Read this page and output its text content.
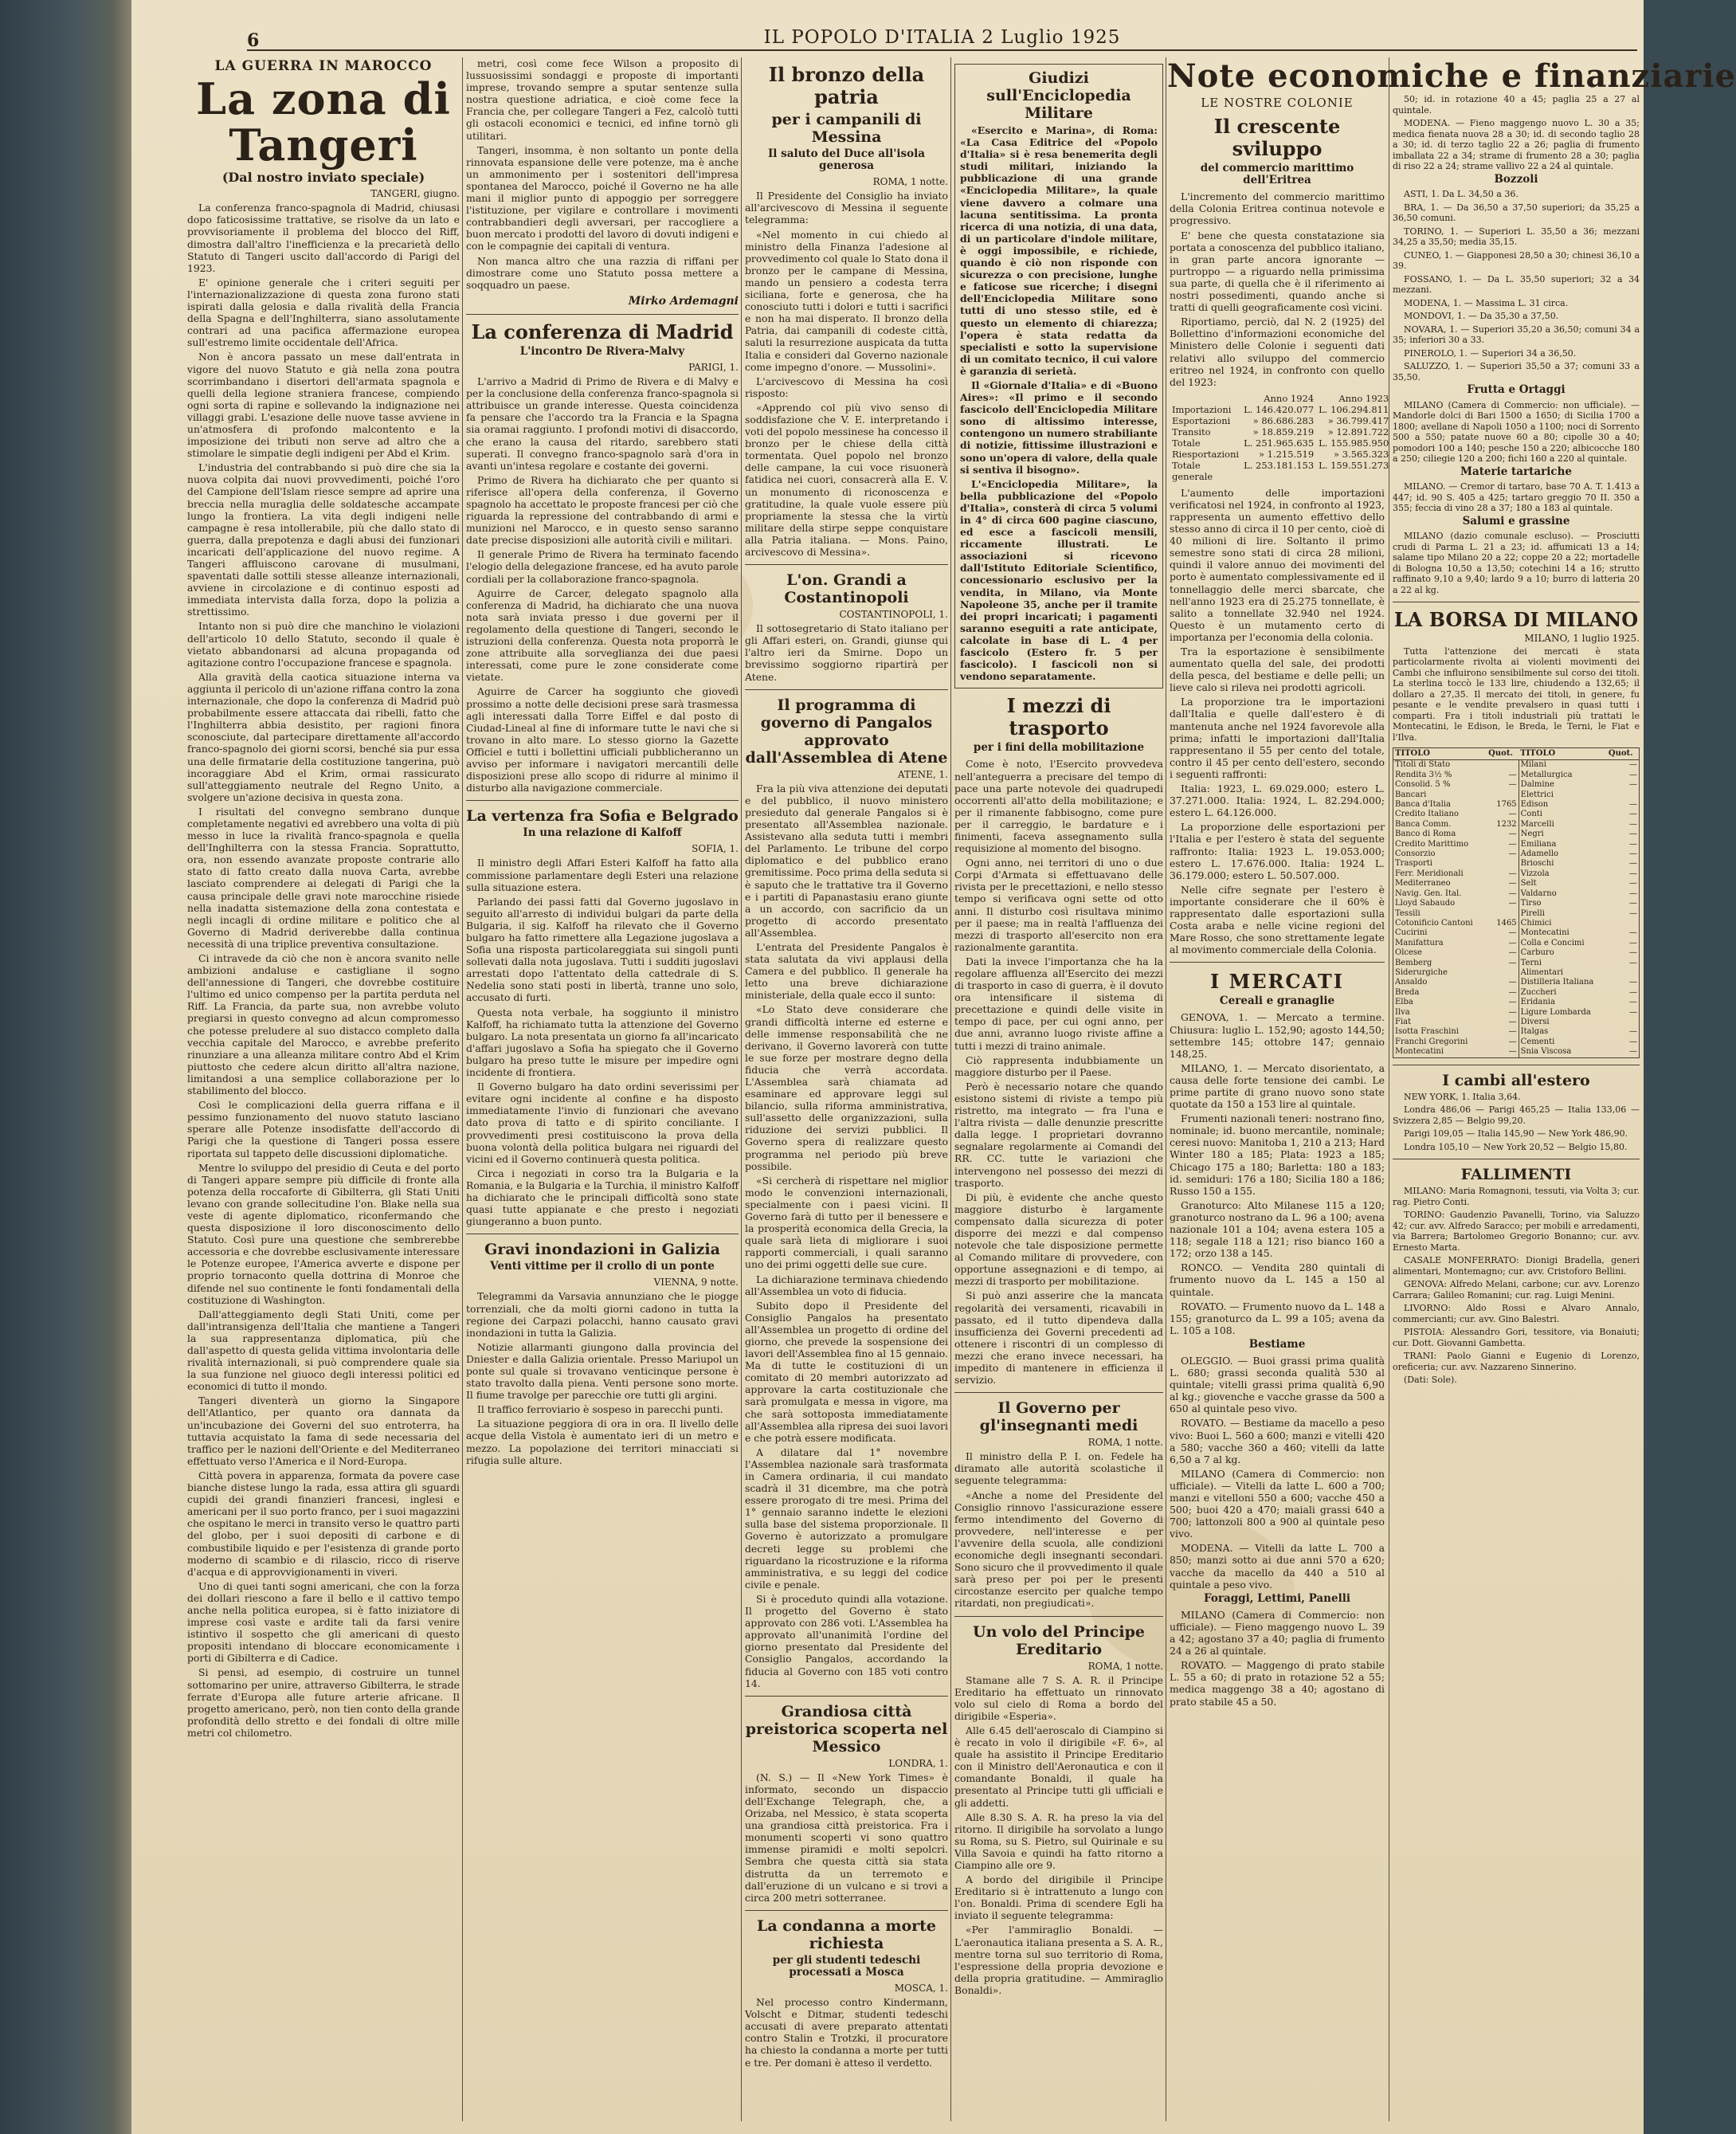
6	IL POPOLO D'ITALIA 2 Luglio 1925
LA GUERRA IN MAROCCO
La zona di Tangeri
(Dal nostro inviato speciale)
TANGERI, giugno.

La conferenza franco-spagnola di Madrid, chiusasi dopo faticosissime trattative, se risolve da un lato e provvisoriamente il problema del blocco del Riff, dimostra dall'altro l'inefficienza e la precarietà dello Statuto di Tangeri uscito dall'accordo di Parigi del 1923.

E' opinione generale che i criteri seguiti per l'internazionalizzazione di questa zona furono stati ispirati dalla gelosia e dalla rivalità della Francia della Spagna e dell'Inghilterra, siano assolutamente contrari ad una pacifica affermazione europea sull'estremo limite occidentale dell'Africa.

Non è ancora passato un mese dall'entrata in vigore del nuovo Statuto e già nella zona poutra scorrimbandano i disertori dell'armata spagnola e quelli della legione straniera francese, compiendo ogni sorta di rapine e sollevando la indignazione nei villaggi grabi. L'esazione delle nuove tasse avviene in un'atmosfera di profondo malcontento e la imposizione dei tributi non serve ad altro che a stimolare le simpatie degli indigeni per Abd el Krim.

L'industria del contrabbando si può dire che sia la nuova colpita dai nuovi provvedimenti, poiché l'oro del Campione dell'Islam riesce sempre ad aprire una breccia nella muraglia delle soldatesche accampate lungo la frontiera. La vita degli indigeni nelle campagne è resa intollerabile, più che dallo stato di guerra, dalla prepotenza e dagli abusi dei funzionari incaricati dell'applicazione del nuovo regime. A Tangeri affluiscono carovane di musulmani, spaventati dalle sottili stesse alleanze internazionali, avviene in circolazione e di continuo esposti ad immediata intervista dalla forza, dopo la polizia a strettissimo.

Intanto non si può dire che manchino le violazioni dell'articolo 10 dello Statuto, secondo il quale è vietato abbandonarsi ad alcuna propaganda od agitazione contro l'occupazione francese e spagnola.

Alla gravità della caotica situazione interna va aggiunta il pericolo di un'azione riffana contro la zona internazionale, che dopo la conferenza di Madrid può probabilmente essere attaccata dai ribelli, fatto che l'Inghilterra abbia desistito, per ragioni finora sconosciute, dal partecipare direttamente all'accordo franco-spagnolo dei giorni scorsi, benché sia pur essa una delle firmatarie della costituzione tangerina, può incoraggiare Abd el Krim, ormai rassicurato sull'atteggiamento neutrale del Regno Unito, a svolgere un'azione decisiva in questa zona.

I risultati del convegno sembrano dunque completamente negativi ed avrebbero una volta di più messo in luce la rivalità franco-spagnola e quella dell'Inghilterra con la stessa Francia. Soprattutto, ora, non essendo avanzate proposte contrarie allo stato di fatto creato dalla nuova Carta, avrebbe lasciato comprendere ai delegati di Parigi che la causa principale delle gravi note marocchine risiede nella inadatta sistemazione della zona contestata e negli incagli di ordine militare e politico che al Governo di Madrid deriverebbe dalla continua necessità di una triplice preventiva consultazione.

Ci intravede da ciò che non è ancora svanito nelle ambizioni andaluse e castigliane il sogno dell'annessione di Tangeri, che dovrebbe costituire l'ultimo ed unico compenso per la partita perduta nel Riff. La Francia, da parte sua, non avrebbe voluto pregiarsi in questo convegno ad alcun compromesso che potesse preludere al suo distacco completo dalla vecchia capitale del Marocco, e avrebbe preferito rinunziare a una alleanza militare contro Abd el Krim piuttosto che cedere alcun diritto all'altra nazione, limitandosi a una semplice collaborazione per lo stabilimento del blocco.

Così le complicazioni della guerra riffana e il pessimo funzionamento del nuovo statuto lasciano sperare alle Potenze insodisfatte dell'accordo di Parigi che la questione di Tangeri possa essere riportata sul tappeto delle discussioni diplomatiche.

Mentre lo sviluppo del presidio di Ceuta e del porto di Tangeri appare sempre più difficile di fronte alla potenza della roccaforte di Gibilterra, gli Stati Uniti levano con grande sollecitudine l'on. Blake nella sua veste di agente diplomatico, riconfermando che questa disposizione il loro disconoscimento dello Statuto. Così pure una questione che sembrerebbe accessoria e che dovrebbe esclusivamente interessare le Potenze europee, l'America avverte e dispone per proprio tornaconto quella dottrina di Monroe che difende nel suo continente le fonti fondamentali della costituzione di Washington.

Dall'atteggiamento degli Stati Uniti, come per dall'intransigenza dell'Italia che mantiene a Tangeri la sua rappresentanza diplomatica, più che dall'aspetto di questa gelida vittima involontaria delle rivalità internazionali, si può comprendere quale sia la sua funzione nel giuoco degli interessi politici ed economici di tutto il mondo.

Tangeri diventerà un giorno la Singapore dell'Atlantico, per quanto ora dannata da un'incubazione dei Governi del suo entroterra, ha tuttavia acquistato la fama di sede necessaria del traffico per le nazioni dell'Oriente e del Mediterraneo effettuato verso l'America e il Nord-Europa.

Città povera in apparenza, formata da povere case bianche distese lungo la rada, essa attira gli sguardi cupidi dei grandi finanzieri francesi, inglesi e americani per il suo porto franco, per i suoi magazzini che ospitano le merci in transito verso le quattro parti del globo, per i suoi depositi di carbone e di combustibile liquido e per l'esistenza di grande porto moderno di scambio e di rilascio, ricco di riserve d'acqua e di approvvigionamenti in viveri.

Uno di quei tanti sogni americani, che con la forza dei dollari riescono a fare il bello e il cattivo tempo anche nella politica europea, si è fatto iniziatore di imprese così vaste e ardite tali da farsi venire istintivo il sospetto che gli americani di questo propositi intendano di bloccare economicamente i porti di Gibilterra e di Cadice.

Si pensi, ad esempio, di costruire un tunnel sottomarino per unire, attraverso Gibilterra, le strade ferrate d'Europa alle future arterie africane. Il progetto americano, però, non tien conto della grande profondità dello stretto e dei fondali di oltre mille metri col chilometro.

metri, così come fece Wilson a proposito di lussuosissimi sondaggi e proposte di importanti imprese, trovando sempre a sputar sentenze sulla nostra questione adriatica, e cioè come fece la Francia che, per collegare Tangeri a Fez, calcolò tutti gli ostacoli economici e tecnici, ed infine tornò gli utilitari.

Tangeri, insomma, è non soltanto un ponte della rinnovata espansione delle vere potenze, ma è anche un ammonimento per i sostenitori dell'impresa spontanea del Marocco, poiché il Governo ne ha alle mani il miglior punto di appoggio per sorreggere l'istituzione, per vigilare e controllare i movimenti contrabbandieri degli avversari, per raccogliere a buon mercato i prodotti del lavoro di dovuti indigeni e con le compagnie dei capitali di ventura.

Non manca altro che una razzia di riffani per dimostrare come uno Statuto possa mettere a soqquadro un paese.

Mirko Ardemagni
La conferenza di Madrid
L'incontro De Rivera-Malvy
PARIGI, 1.

L'arrivo a Madrid di Primo de Rivera e di Malvy e per la conclusione della conferenza franco-spagnola si attribuisce un grande interesse. Questa coincidenza fa pensare che l'accordo tra la Francia e la Spagna sia oramai raggiunto. I profondi motivi di disaccordo, che erano la causa del ritardo, sarebbero stati superati. Il convegno franco-spagnolo sarà d'ora in avanti un'intesa regolare e costante dei governi.

Primo de Rivera ha dichiarato che per quanto si riferisce all'opera della conferenza, il Governo spagnolo ha accettato le proposte francesi per ciò che riguarda la repressione del contrabbando di armi e munizioni nel Marocco, e in questo senso saranno date precise disposizioni alle autorità civili e militari.

Il generale Primo de Rivera ha terminato facendo l'elogio della delegazione francese, ed ha avuto parole cordiali per la collaborazione franco-spagnola.

Aguirre de Carcer, delegato spagnolo alla conferenza di Madrid, ha dichiarato che una nuova nota sarà inviata presso i due governi per il regolamento della questione di Tangeri, secondo le istruzioni della conferenza. Questa nota proporrà le zone attribuite alla sorveglianza dei due paesi interessati, come pure le zone considerate come vietate.

Aguirre de Carcer ha soggiunto che giovedì prossimo a notte delle decisioni prese sarà trasmessa agli interessati dalla Torre Eiffel e dal posto di Ciudad-Lineal al fine di informare tutte le navi che si trovano in alto mare. Lo stesso giorno la Gazette Officiel e tutti i bollettini ufficiali pubblicheranno un avviso per informare i navigatori mercantili delle disposizioni prese allo scopo di ridurre al minimo il disturbo alla navigazione commerciale.

La vertenza fra Sofia e Belgrado
In una relazione di Kalfoff
SOFIA, 1.

Il ministro degli Affari Esteri Kalfoff ha fatto alla commissione parlamentare degli Esteri una relazione sulla situazione estera.

Parlando dei passi fatti dal Governo jugoslavo in seguito all'arresto di individui bulgari da parte della Bulgaria, il sig. Kalfoff ha rilevato che il Governo bulgaro ha fatto rimettere alla Legazione jugoslava a Sofia una risposta particolareggiata sui singoli punti sollevati dalla nota jugoslava. Tutti i sudditi jugoslavi arrestati dopo l'attentato della cattedrale di S. Nedelia sono stati posti in libertà, tranne uno solo, accusato di furti.

Questa nota verbale, ha soggiunto il ministro Kalfoff, ha richiamato tutta la attenzione del Governo bulgaro. La nota presentata un giorno fa all'incaricato d'affari jugoslavo a Sofia ha spiegato che il Governo bulgaro ha preso tutte le misure per impedire ogni incidente di frontiera.

Il Governo bulgaro ha dato ordini severissimi per evitare ogni incidente al confine e ha disposto immediatamente l'invio di funzionari che avevano dato prova di tatto e di spirito conciliante. I provvedimenti presi costituiscono la prova della buona volontà della politica bulgara nei riguardi del vicini ed il Governo continuerà questa politica.

Circa i negoziati in corso tra la Bulgaria e la Romania, e la Bulgaria e la Turchia, il ministro Kalfoff ha dichiarato che le principali difficoltà sono state quasi tutte appianate e che presto i negoziati giungeranno a buon punto.

Gravi inondazioni in Galizia
Venti vittime per il crollo di un ponte
VIENNA, 9 notte.

Telegrammi da Varsavia annunziano che le piogge torrenziali, che da molti giorni cadono in tutta la regione dei Carpazi polacchi, hanno causato gravi inondazioni in tutta la Galizia.

Notizie allarmanti giungono dalla provincia del Dniester e dalla Galizia orientale. Presso Mariupol un ponte sul quale si trovavano venticinque persone è stato travolto dalla piena. Venti persone sono morte. Il fiume travolge per parecchie ore tutti gli argini.

Il traffico ferroviario è sospeso in parecchi punti.

La situazione peggiora di ora in ora. Il livello delle acque della Vistola è aumentato ieri di un metro e mezzo. La popolazione dei territori minacciati si rifugia sulle alture.

Il bronzo della patria
per i campanili di Messina
Il saluto del Duce all'isola generosa
ROMA, 1 notte.

Il Presidente del Consiglio ha inviato all'arcivescovo di Messina il seguente telegramma:

«Nel momento in cui chiedo al ministro della Finanza l'adesione al provvedimento col quale lo Stato dona il bronzo per le campane di Messina, mando un pensiero a codesta terra siciliana, forte e generosa, che ha conosciuto tutti i dolori e tutti i sacrifici e non ha mai disperato. Il bronzo della Patria, dai campanili di codeste città, saluti la resurrezione auspicata da tutta Italia e consideri dal Governo nazionale come impegno d'onore. — Mussolini».

L'arcivescovo di Messina ha così risposto:

«Apprendo col più vivo senso di soddisfazione che V. E. interpretando i voti del popolo messinese ha concesso il bronzo per le chiese della città tormentata. Quel popolo nel bronzo delle campane, la cui voce risuonerà fatidica nei cuori, consacrerà alla E. V. un monumento di riconoscenza e gratitudine, la quale vuole essere più propriamente la stessa che la virtù militare della stirpe seppe conquistare alla Patria italiana. — Mons. Paino, arcivescovo di Messina».

L'on. Grandi a Costantinopoli
COSTANTINOPOLI, 1.

Il sottosegretario di Stato italiano per gli Affari esteri, on. Grandi, giunse qui l'altro ieri da Smirne. Dopo un brevissimo soggiorno ripartirà per Atene.

Il programma di governo di Pangalos approvato dall'Assemblea di Atene
ATENE, 1.

Fra la più viva attenzione dei deputati e del pubblico, il nuovo ministero presieduto dal generale Pangalos si è presentato all'Assemblea nazionale. Assistevano alla seduta tutti i membri del Parlamento. Le tribune del corpo diplomatico e del pubblico erano gremitissime. Poco prima della seduta si è saputo che le trattative tra il Governo e i partiti di Papanastasiu erano giunte a un accordo, con sacrificio da un progetto di accordo presentato all'Assemblea.

L'entrata del Presidente Pangalos è stata salutata da vivi applausi della Camera e del pubblico. Il generale ha letto una breve dichiarazione ministeriale, della quale ecco il sunto:

«Lo Stato deve considerare che grandi difficoltà interne ed esterne e delle immense responsabilità che ne derivano, il Governo lavorerà con tutte le sue forze per mostrare degno della fiducia che verrà accordata. L'Assemblea sarà chiamata ad esaminare ed approvare leggi sul bilancio, sulla riforma amministrativa, sull'assetto delle organizzazioni, sulla riduzione dei servizi pubblici. Il Governo spera di realizzare questo programma nel periodo più breve possibile.

«Si cercherà di rispettare nel miglior modo le convenzioni internazionali, specialmente con i paesi vicini. Il Governo farà di tutto per il benessere e la prosperità economica della Grecia, la quale sarà lieta di migliorare i suoi rapporti commerciali, i quali saranno uno dei primi oggetti delle sue cure.

La dichiarazione terminava chiedendo all'Assemblea un voto di fiducia.

Subito dopo il Presidente del Consiglio Pangalos ha presentato all'Assemblea un progetto di ordine del giorno, che prevede la sospensione dei lavori dell'Assemblea fino al 15 gennaio. Ma di tutte le costituzioni di un comitato di 20 membri autorizzato ad approvare la carta costituzionale che sarà promulgata e messa in vigore, ma che sarà sottoposta immediatamente all'Assemblea alla ripresa dei suoi lavori e che potrà essere modificata.

A dilatare dal 1° novembre l'Assemblea nazionale sarà trasformata in Camera ordinaria, il cui mandato scadrà il 31 dicembre, ma che potrà essere prorogato di tre mesi. Prima del 1° gennaio saranno indette le elezioni sulla base del sistema proporzionale. Il Governo è autorizzato a promulgare decreti legge su problemi che riguardano la ricostruzione e la riforma amministrativa, e su leggi del codice civile e penale.

Si è proceduto quindi alla votazione. Il progetto del Governo è stato approvato con 286 voti. L'Assemblea ha approvato all'unanimità l'ordine del giorno presentato dal Presidente del Consiglio Pangalos, accordando la fiducia al Governo con 185 voti contro 14.

Grandiosa città preistorica scoperta nel Messico
LONDRA, 1.

(N. S.) — Il «New York Times» è informato, secondo un dispaccio dell'Exchange Telegraph, che, a Orizaba, nel Messico, è stata scoperta una grandiosa città preistorica. Fra i monumenti scoperti vi sono quattro immense piramidi e molti sepolcri. Sembra che questa città sia stata distrutta da un terremoto e dall'eruzione di un vulcano e si trovi a circa 200 metri sotterranee.

La condanna a morte richiesta
per gli studenti tedeschi processati a Mosca
MOSCA, 1.

Nel processo contro Kindermann, Volscht e Ditmar, studenti tedeschi accusati di avere preparato attentati contro Stalin e Trotzki, il procuratore ha chiesto la condanna a morte per tutti e tre. Per domani è atteso il verdetto.

Giudizi sull'Enciclopedia Militare

«Esercito e Marina», di Roma: «La Casa Editrice del «Popolo d'Italia» si è resa benemerita degli studi militari, iniziando la pubblicazione di una grande «Enciclopedia Militare», la quale viene davvero a colmare una lacuna sentitissima. La pronta ricerca di una notizia, di una data, di un particolare d'indole militare, è oggi impossibile, e richiede, quando è ciò non risponde con sicurezza o con precisione, lunghe e faticose sue ricerche; i disegni dell'Enciclopedia Militare sono tutti di uno stesso stile, ed è questo un elemento di chiarezza; l'opera è stata redatta da specialisti e sotto la supervisione di un comitato tecnico, il cui valore è garanzia di serietà.

Il «Giornale d'Italia» e di «Buono Aires»: «Il primo e il secondo fascicolo dell'Enciclopedia Militare sono di altissimo interesse, contengono un numero strabiliante di notizie, fittissime illustrazioni e sono un'opera di valore, della quale si sentiva il bisogno».

L'«Enciclopedia Militare», la bella pubblicazione del «Popolo d'Italia», consterà di circa 5 volumi in 4° di circa 600 pagine ciascuno, ed esce a fascicoli mensili, riccamente illustrati. Le associazioni si ricevono dall'Istituto Editoriale Scientifico, concessionario esclusivo per la vendita, in Milano, via Monte Napoleone 35, anche per il tramite dei propri incaricati; i pagamenti saranno eseguiti a rate anticipate, calcolate in base di L. 4 per fascicolo (Estero fr. 5 per fascicolo). I fascicoli non si vendono separatamente.

I mezzi di trasporto
per i fini della mobilitazione

Come è noto, l'Esercito provvedeva nell'anteguerra a precisare del tempo di pace una parte notevole dei quadrupedi occorrenti all'atto della mobilitazione; e per il rimanente fabbisogno, come pure per il carreggio, le bardature e i finimenti, faceva assegnamento sulla requisizione al momento del bisogno.

Ogni anno, nei territori di uno o due Corpi d'Armata si effettuavano delle rivista per le precettazioni, e nello stesso tempo si verificava ogni sette od otto anni. Il disturbo così risultava minimo per il paese; ma in realtà l'affluenza dei mezzi di trasporto all'esercito non era razionalmente garantita.

Dati la invece l'importanza che ha la regolare affluenza all'Esercito dei mezzi di trasporto in caso di guerra, è il dovuto ora intensificare il sistema di precettazione e quindi delle visite in tempo di pace, per cui ogni anno, per due anni, avranno luogo riviste affine a tutti i mezzi di traino animale.

Ciò rappresenta indubbiamente un maggiore disturbo per il Paese.

Però è necessario notare che quando esistono sistemi di riviste a tempo più ristretto, ma integrato — fra l'una e l'altra rivista — dalle denunzie prescritte dalla legge. I proprietari dovranno segnalare regolarmente ai Comandi del RR. CC. tutte le variazioni che intervengono nel possesso dei mezzi di trasporto.

Di più, è evidente che anche questo maggiore disturbo è largamente compensato dalla sicurezza di poter disporre dei mezzi e dal compenso notevole che tale disposizione permette al Comando militare di provvedere, con opportune assegnazioni e di tempo, ai mezzi di trasporto per mobilitazione.

Si può anzi asserire che la mancata regolarità dei versamenti, ricavabili in passato, ed il tutto dipendeva dalla insufficienza dei Governi precedenti ad ottenere i riscontri di un complesso di mezzi che erano invece necessari, ha impedito di mantenere in efficienza il servizio.

Il Governo per gl'insegnanti medi
ROMA, 1 notte.

Il ministro della P. I. on. Fedele ha diramato alle autorità scolastiche il seguente telegramma:

«Anche a nome del Presidente del Consiglio rinnovo l'assicurazione essere fermo intendimento del Governo di provvedere, nell'interesse e per l'avvenire della scuola, alle condizioni economiche degli insegnanti secondari. Sono sicuro che il provvedimento il quale sarà preso per poi per le presenti circostanze esercito per qualche tempo ritardati, non pregiudicati».

Un volo del Principe Ereditario
ROMA, 1 notte.

Stamane alle 7 S. A. R. il Principe Ereditario ha effettuato un rinnovato volo sul cielo di Roma a bordo del dirigibile «Esperia».

Alle 6.45 dell'aeroscalo di Ciampino si è recato in volo il dirigibile «F. 6», al quale ha assistito il Principe Ereditario con il Ministro dell'Aeronautica e con il comandante Bonaldi, il quale ha presentato al Principe tutti gli ufficiali e gli addetti.

Alle 8.30 S. A. R. ha preso la via del ritorno. Il dirigibile ha sorvolato a lungo su Roma, su S. Pietro, sul Quirinale e su Villa Savoia e quindi ha fatto ritorno a Ciampino alle ore 9.

A bordo del dirigibile il Principe Ereditario si è intrattenuto a lungo con l'on. Bonaldi. Prima di scendere Egli ha inviato il seguente telegramma:

«Per l'ammiraglio Bonaldi. — L'aeronautica italiana presenta a S. A. R., mentre torna sul suo territorio di Roma, l'espressione della propria devozione e della propria gratitudine. — Ammiraglio Bonaldi».

Note economiche e finanziarie
LE NOSTRE COLONIE
Il crescente sviluppo
del commercio marittimo dell'Eritrea

L'incremento del commercio marittimo della Colonia Eritrea continua notevole e progressivo.

E' bene che questa constatazione sia portata a conoscenza del pubblico italiano, in gran parte ancora ignorante — purtroppo — a riguardo nella primissima sua parte, di quella che è il riferimento ai nostri possedimenti, quando anche si tratti di quelli geograficamente così vicini.

Riportiamo, perciò, dal N. 2 (1925) del Bollettino d'informazioni economiche del Ministero delle Colonie i seguenti dati relativi allo sviluppo del commercio eritreo nel 1924, in confronto con quello del 1923:

	Anno 1924	Anno 1923
Importazioni	L. 146.420.077	L. 106.294.811
Esportazioni	» 86.686.283	» 36.799.417
Transito	» 18.859.219	» 12.891.722
Totale	L. 251.965.635	L. 155.985.950
Riesportazioni	» 1.215.519	» 3.565.323
Totale generale	L. 253.181.153	L. 159.551.273

L'aumento delle importazioni verificatosi nel 1924, in confronto al 1923, rappresenta un aumento effettivo dello stesso anno di circa il 10 per cento, cioè di 40 milioni di lire. Soltanto il primo semestre sono stati di circa 28 milioni, quindi il valore annuo dei movimenti del porto è aumentato complessivamente ed il tonnellaggio delle merci sbarcate, che nell'anno 1923 era di 25.275 tonnellate, è salito a tonnellate 32.940 nel 1924. Questo è un mutamento certo di importanza per l'economia della colonia.

Tra la esportazione è sensibilmente aumentato quella del sale, dei prodotti della pesca, del bestiame e delle pelli; un lieve calo si rileva nei prodotti agricoli.

La proporzione tra le importazioni dall'Italia e quelle dall'estero è di mantenuta anche nel 1924 favorevole alla prima; infatti le importazioni dall'Italia rappresentano il 55 per cento del totale, contro il 45 per cento dell'estero, secondo i seguenti raffronti:

Italia: 1923, L. 69.029.000; estero L. 37.271.000. Italia: 1924, L. 82.294.000; estero L. 64.126.000.

La proporzione delle esportazioni per l'Italia e per l'estero è stata del seguente raffronto: Italia: 1923 L. 19.053.000; estero L. 17.676.000. Italia: 1924 L. 36.179.000; estero L. 50.507.000.

Nelle cifre segnate per l'estero è importante considerare che il 60% è rappresentato dalle esportazioni sulla Costa araba e nelle vicine regioni del Mare Rosso, che sono strettamente legate al movimento commerciale della Colonia.

I MERCATI
Cereali e granaglie

GENOVA, 1. — Mercato a termine. Chiusura: luglio L. 152,90; agosto 144,50; settembre 145; ottobre 147; gennaio 148,25.

MILANO, 1. — Mercato disorientato, a causa delle forte tensione dei cambi. Le prime partite di grano nuovo sono state quotate da 150 a 153 lire al quintale.

Frumenti nazionali teneri: nostrano fino, nominale; id. buono mercantile, nominale; ceresi nuovo: Manitoba 1, 210 a 213; Hard Winter 180 a 185; Plata: 1923 a 185; Chicago 175 a 180; Barletta: 180 a 183; id. semiduri: 176 a 180; Sicilia 180 a 186; Russo 150 a 155.

Granoturco: Alto Milanese 115 a 120; granoturco nostrano da L. 96 a 100; avena nazionale 101 a 104; avena estera 105 a 118; segale 118 a 121; riso bianco 160 a 172; orzo 138 a 145.

RONCO. — Vendita 280 quintali di frumento nuovo da L. 145 a 150 al quintale.

ROVATO. — Frumento nuovo da L. 148 a 155; granoturco da L. 99 a 105; avena da L. 105 a 108.

Bestiame

OLEGGIO. — Buoi grassi prima qualità L. 680; grassi seconda qualità 530 al quintale; vitelli grassi prima qualità 6,90 al kg.; giovenche e vacche grasse da 500 a 650 al quintale peso vivo.

ROVATO. — Bestiame da macello a peso vivo: Buoi L. 560 a 600; manzi e vitelli 420 a 580; vacche 360 a 460; vitelli da latte 6,50 a 7 al kg.

MILANO (Camera di Commercio: non ufficiale). — Vitelli da latte L. 600 a 700; manzi e vitelloni 550 a 600; vacche 450 a 500; buoi 420 a 470; maiali grassi 640 a 700; lattonzoli 800 a 900 al quintale peso vivo.

MODENA. — Vitelli da latte L. 700 a 850; manzi sotto ai due anni 570 a 620; vacche da macello da 440 a 510 al quintale a peso vivo.

Foraggi, Lettimi, Panelli

MILANO (Camera di Commercio: non ufficiale). — Fieno maggengo nuovo L. 39 a 42; agostano 37 a 40; paglia di frumento 24 a 26 al quintale.

ROVATO. — Maggengo di prato stabile L. 55 a 60; di prato in rotazione 52 a 55; medica maggengo 38 a 40; agostano di prato stabile 45 a 50.

50; id. in rotazione 40 a 45; paglia 25 a 27 al quintale.

MODENA. — Fieno maggengo nuovo L. 30 a 35; medica fienata nuova 28 a 30; id. di secondo taglio 28 a 30; id. di terzo taglio 22 a 26; paglia di frumento imballata 22 a 34; strame di frumento 28 a 30; paglia di riso 22 a 24; strame vallivo 22 a 24 al quintale.

Bozzoli

ASTI, 1. Da L. 34,50 a 36.

BRA, 1. — Da 36,50 a 37,50 superiori; da 35,25 a 36,50 comuni.

TORINO, 1. — Superiori L. 35,50 a 36; mezzani 34,25 a 35,50; media 35,15.

CUNEO, 1. — Giapponesi 28,50 a 30; chinesi 36,10 a 39.

FOSSANO, 1. — Da L. 35,50 superiori; 32 a 34 mezzani.

MODENA, 1. — Massima L. 31 circa.

MONDOVI, 1. — Da 35,30 a 37,50.

NOVARA, 1. — Superiori 35,20 a 36,50; comuni 34 a 35; inferiori 30 a 33.

PINEROLO, 1. — Superiori 34 a 36,50.

SALUZZO, 1. — Superiori 35,50 a 37; comuni 33 a 35,50.

Frutta e Ortaggi

MILANO (Camera di Commercio: non ufficiale). — Mandorle dolci di Bari 1500 a 1650; di Sicilia 1700 a 1800; avellane di Napoli 1050 a 1100; noci di Sorrento 500 a 550; patate nuove 60 a 80; cipolle 30 a 40; pomodori 100 a 140; pesche 150 a 220; albicocche 180 a 250; ciliegie 120 a 200; fichi 160 a 220 al quintale.

Materie tartariche

MILANO. — Cremor di tartaro, base 70 A. T. 1.413 a 447; id. 90 S. 405 a 425; tartaro greggio 70 II. 350 a 355; feccia di vino 28 a 37; 180 a 183 al quintale.

Salumi e grassine

MILANO (dazio comunale escluso). — Prosciutti crudi di Parma L. 21 a 23; id. affumicati 13 a 14; salame tipo Milano 20 a 22; coppe 20 a 22; mortadelle di Bologna 10,50 a 13,50; cotechini 14 a 16; strutto raffinato 9,10 a 9,40; lardo 9 a 10; burro di latteria 20 a 22 al kg.

LA BORSA DI MILANO
MILANO, 1 luglio 1925.

Tutta l'attenzione dei mercati è stata particolarmente rivolta ai violenti movimenti dei Cambi che influirono sensibilmente sul corso dei titoli. La sterlina toccò le 133 lire, chiudendo a 132,65; il dollaro a 27,35. Il mercato dei titoli, in genere, fu pesante e le vendite prevalsero in quasi tutti i comparti. Fra i titoli industriali più trattati le Montecatini, le Edison, le Breda, le Terni, le Fiat e l'Ilva.

TITOLO	Quot.	TITOLO	Quot.
Titoli di Stato		Milani	—
Rendita 3½ %	—	Metallurgica	—
Consolid. 5 %	—	Dalmine	—
Bancari		Elettrici	
Banca d'Italia	1765	Edison	—
Credito Italiano	—	Conti	—
Banca Comm.	1232	Marcelli	—
Banco di Roma	—	Negri	—
Credito Marittimo	—	Emiliana	—
Consorzio	—	Adamello	—
Trasporti		Brioschi	—
Ferr. Meridionali	—	Vizzola	—
Mediterraneo	—	Selt	—
Navig. Gen. Ital.	—	Valdarno	—
Lloyd Sabaudo	—	Tirso	—
Tessili		Pirelli	—
Cotonificio Cantoni	1465	Chimici	
Cucirini	—	Montecatini	—
Manifattura	—	Colla e Concimi	—
Olcese	—	Carburo	—
Bemberg	—	Terni	—
Siderurgiche		Alimentari	
Ansaldo	—	Distilleria Italiana	—
Breda	—	Zuccheri	—
Elba	—	Eridania	—
Ilva	—	Ligure Lombarda	—
Fiat	—	Diversi	
Isotta Fraschini	—	Italgas	—
Franchi Gregorini	—	Cementi	—
Montecatini	—	Snia Viscosa	—
I cambi all'estero

NEW YORK, 1. Italia 3,64.

Londra 486,06 — Parigi 465,25 — Italia 133,06 — Svizzera 2,85 — Belgio 99,20.

Parigi 109,05 — Italia 145,90 — New York 486,90.

Londra 105,10 — New York 20,52 — Belgio 15,80.

FALLIMENTI

MILANO: Maria Romagnoni, tessuti, via Volta 3; cur. rag. Pietro Conti.

TORINO: Gaudenzio Pavanelli, Torino, via Saluzzo 42; cur. avv. Alfredo Saracco; per mobili e arredamenti, via Barrera; Bartolomeo Gregorio Bonanno; cur. avv. Ernesto Marta.

CASALE MONFERRATO: Dionigi Bradella, generi alimentari, Montemagno; cur. avv. Cristoforo Bellini.

GENOVA: Alfredo Melani, carbone; cur. avv. Lorenzo Carrara; Galileo Romanini; cur. rag. Luigi Menini.

LIVORNO: Aldo Rossi e Alvaro Annalo, commercianti; cur. avv. Gino Balestri.

PISTOIA: Alessandro Gori, tessitore, via Bonaiuti; cur. Dott. Giovanni Gambetta.

TRANI: Paolo Gianni e Eugenio di Lorenzo, oreficeria; cur. avv. Nazzareno Sinnerino.

(Dati: Sole).
